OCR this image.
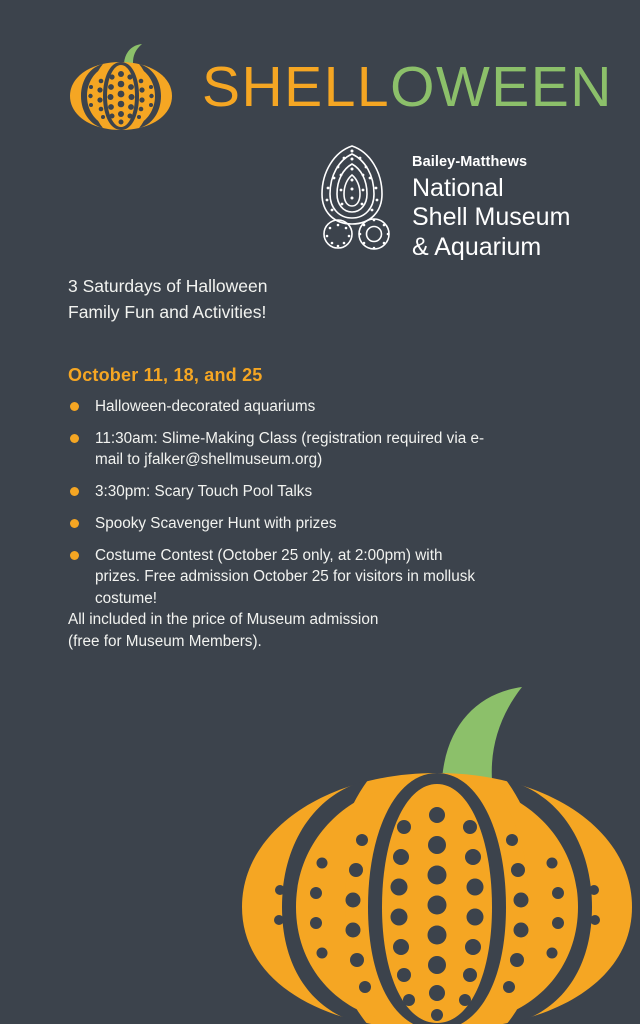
SHELLOWEEN
Bailey-Matthews
National
Shell Museum
& Aquarium
3 Saturdays of Halloween
Family Fun and Activities!
October 11, 18, and 25
Halloween-decorated aquariums
11:30am: Slime-Making Class (registration required via e-mail to jfalker@shellmuseum.org)
3:30pm: Scary Touch Pool Talks
Spooky Scavenger Hunt with prizes
Costume Contest (October 25 only, at 2:00pm) with prizes. Free admission October 25 for visitors in mollusk costume!
All included in the price of Museum admission
(free for Museum Members).
